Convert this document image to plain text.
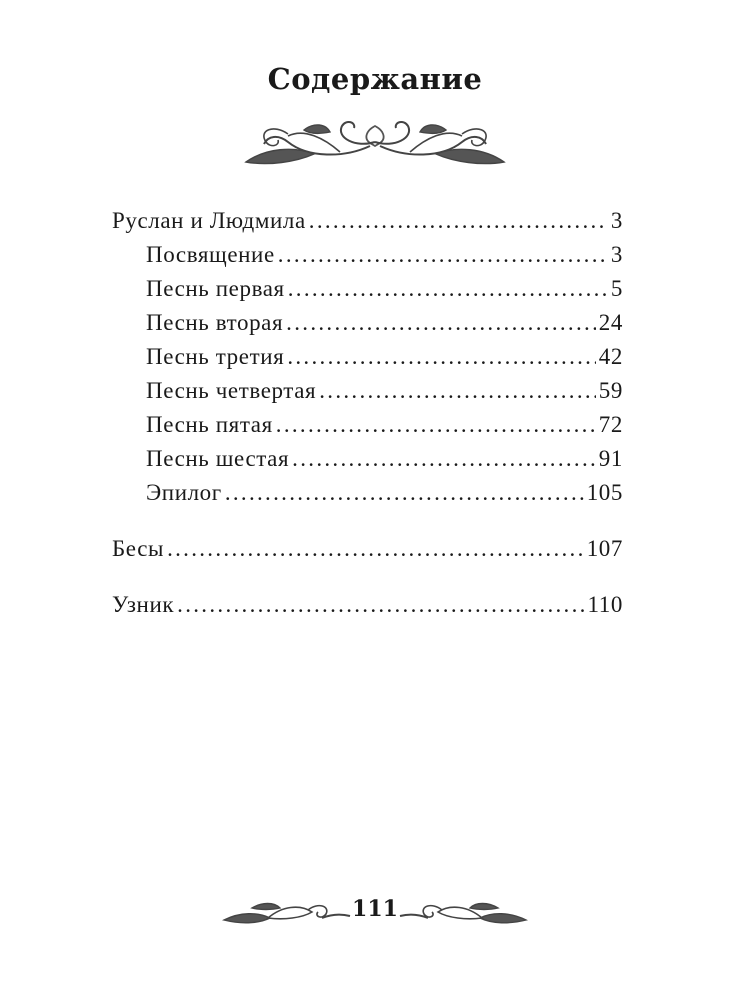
Содержание
Руслан и Людмила .....	3
Посвящение .....	3
Песнь первая .....	5
Песнь вторая .....	24
Песнь третия .....	42
Песнь четвертая .....	59
Песнь пятая .....	72
Песнь шестая .....	91
Эпилог .....	105
Бесы .....	107
Узник .....	110
111
